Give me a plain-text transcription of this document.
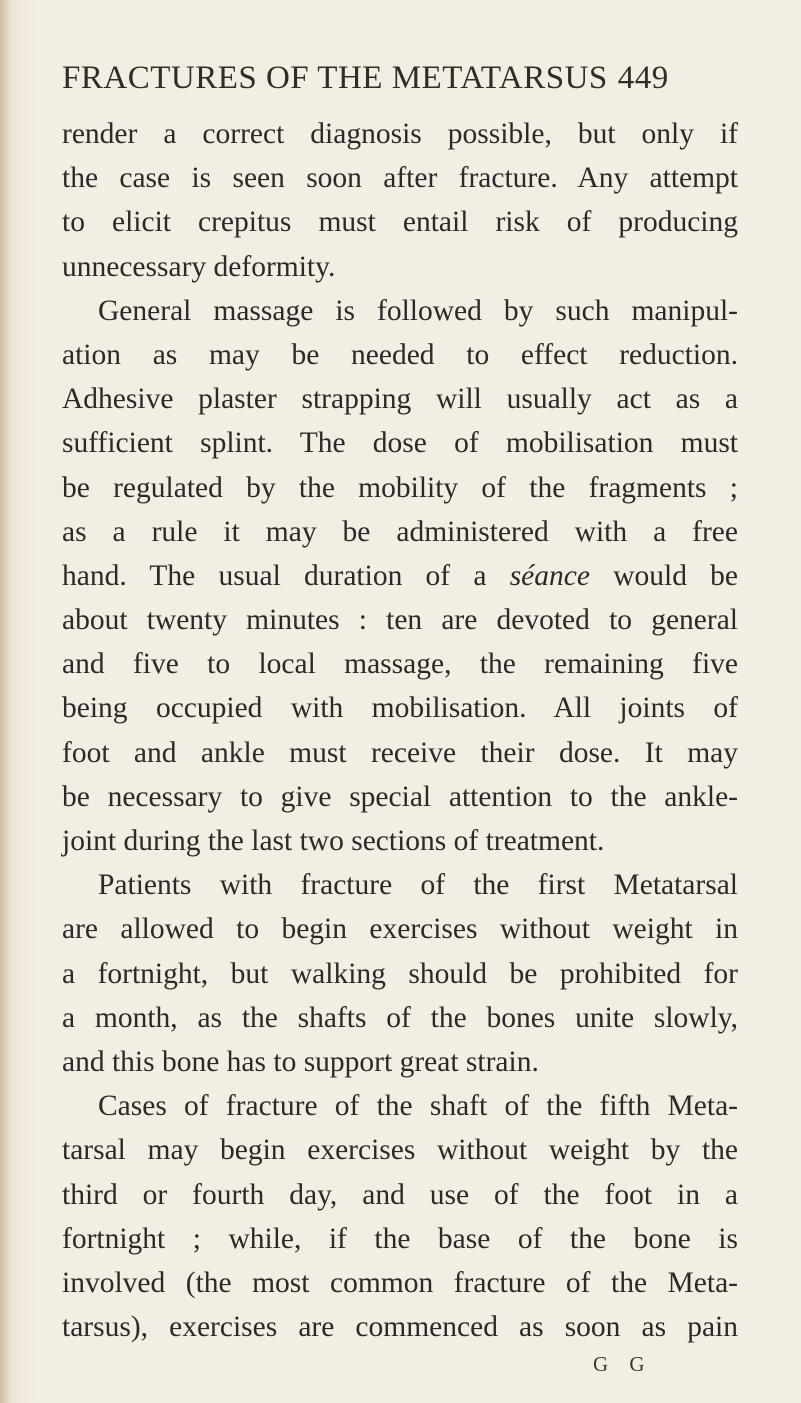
FRACTURES OF THE METATARSUS 449
render a correct diagnosis possible, but only if
the case is seen soon after fracture. Any attempt
to elicit crepitus must entail risk of producing
unnecessary deformity.
General massage is followed by such manipul-
ation as may be needed to effect reduction.
Adhesive plaster strapping will usually act as a
sufficient splint. The dose of mobilisation must
be regulated by the mobility of the fragments ;
as a rule it may be administered with a free
hand. The usual duration of a séance would be
about twenty minutes : ten are devoted to general
and five to local massage, the remaining five
being occupied with mobilisation. All joints of
foot and ankle must receive their dose. It may
be necessary to give special attention to the ankle-
joint during the last two sections of treatment.
Patients with fracture of the first Metatarsal
are allowed to begin exercises without weight in
a fortnight, but walking should be prohibited for
a month, as the shafts of the bones unite slowly,
and this bone has to support great strain.
Cases of fracture of the shaft of the fifth Meta-
tarsal may begin exercises without weight by the
third or fourth day, and use of the foot in a
fortnight ; while, if the base of the bone is
involved (the most common fracture of the Meta-
tarsus), exercises are commenced as soon as pain
G G
